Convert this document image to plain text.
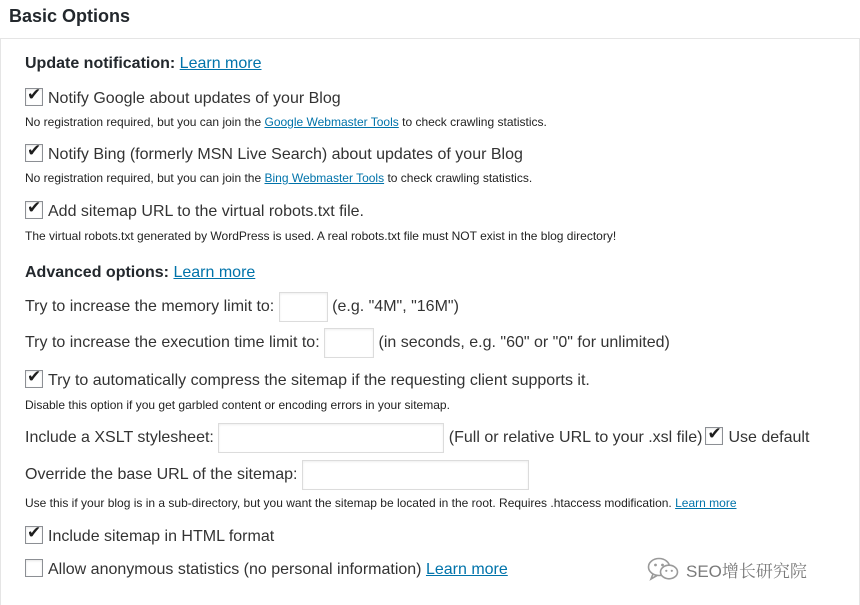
Basic Options
Update notification: Learn more
✔ Notify Google about updates of your Blog
No registration required, but you can join the Google Webmaster Tools to check crawling statistics.
✔ Notify Bing (formerly MSN Live Search) about updates of your Blog
No registration required, but you can join the Bing Webmaster Tools to check crawling statistics.
✔ Add sitemap URL to the virtual robots.txt file.
The virtual robots.txt generated by WordPress is used. A real robots.txt file must NOT exist in the blog directory!
Advanced options: Learn more
Try to increase the memory limit to:	(e.g. "4M", "16M")
Try to increase the execution time limit to:	(in seconds, e.g. "60" or "0" for unlimited)
✔ Try to automatically compress the sitemap if the requesting client supports it.
Disable this option if you get garbled content or encoding errors in your sitemap.
Include a XSLT stylesheet:	(Full or relative URL to your .xsl file) ✔ Use default
Override the base URL of the sitemap:
Use this if your blog is in a sub-directory, but you want the sitemap be located in the root. Requires .htaccess modification. Learn more
✔ Include sitemap in HTML format
Allow anonymous statistics (no personal information) Learn more	SEO增长研究院
